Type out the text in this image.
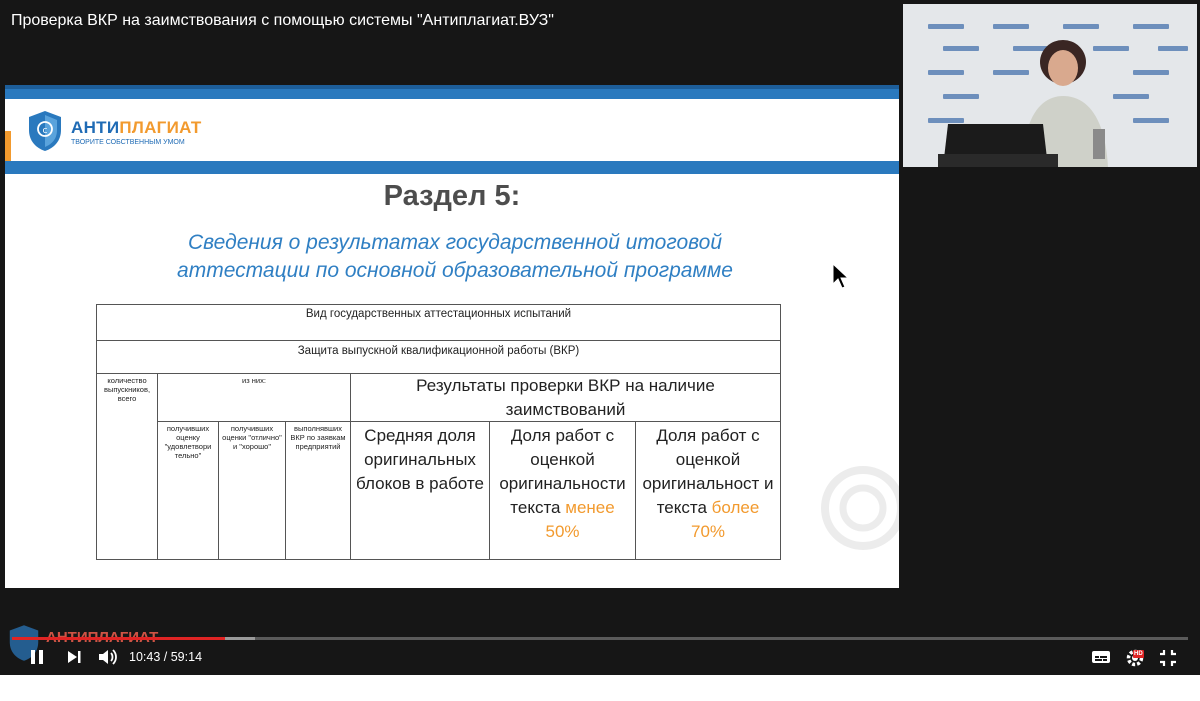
Проверка ВКР на заимствования с помощью системы "Антиплагиат.ВУЗ"
c АНТИПЛАГИАТ
ТВОРИТЕ СОБСТВЕННЫМ УМОМ
Раздел 5:
Сведения о результатах государственной итоговой
аттестации по основной образовательной программе
Вид государственных аттестационных испытаний
Защита выпускной квалификационной работы (ВКР)
количество выпускников, всего
из них:
получивших оценку "удовлетвори тельно"
получивших оценки "отлично" и "хорошо"
выполнявших ВКР по заявкам предприятий
Результаты проверки ВКР на наличие заимствований
Средняя доля оригинальных блоков в работе
Доля работ с оценкой оригинальности текста менее 50%
Доля работ с оценкой оригинальност и текста более
70%
10:43 / 59:14	HD
